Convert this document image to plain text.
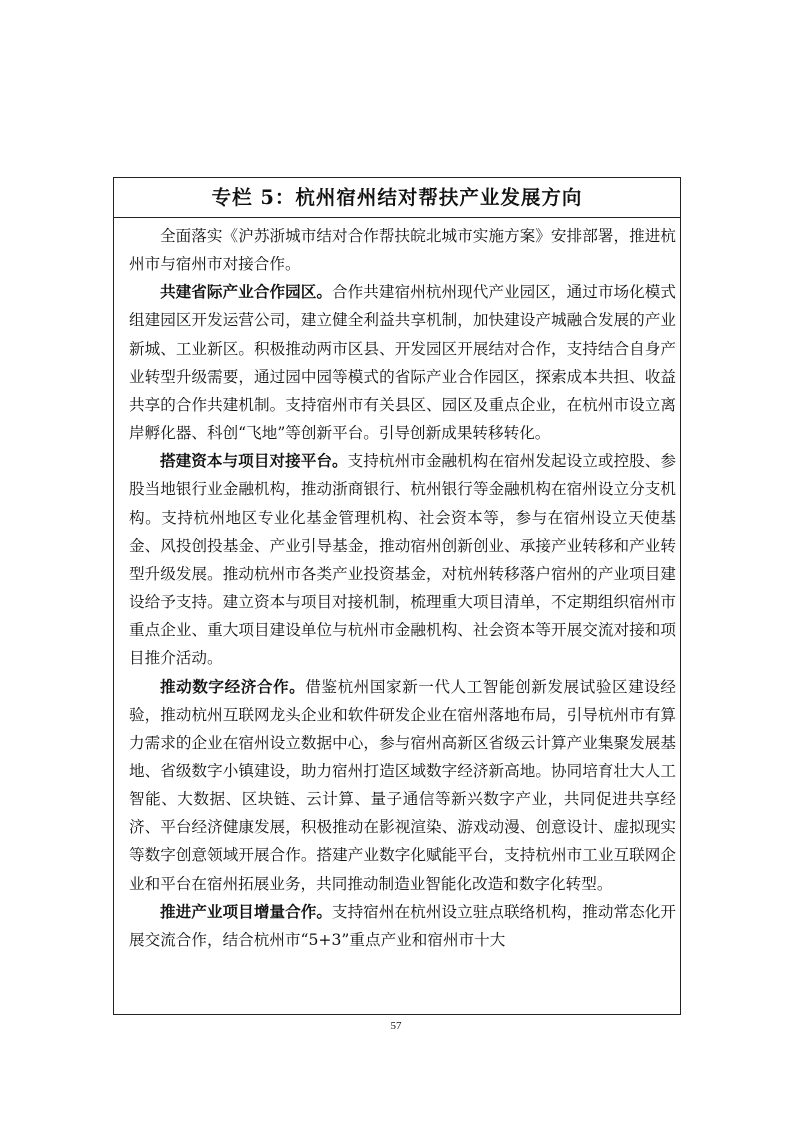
专栏 5：杭州宿州结对帮扶产业发展方向

全面落实《沪苏浙城市结对合作帮扶皖北城市实施方案》安排部署，推进杭州市与宿州市对接合作。

共建省际产业合作园区。合作共建宿州杭州现代产业园区，通过市场化模式组建园区开发运营公司，建立健全利益共享机制，加快建设产城融合发展的产业新城、工业新区。积极推动两市区县、开发园区开展结对合作，支持结合自身产业转型升级需要，通过园中园等模式的省际产业合作园区，探索成本共担、收益共享的合作共建机制。支持宿州市有关县区、园区及重点企业，在杭州市设立离岸孵化器、科创“飞地”等创新平台。引导创新成果转移转化。

搭建资本与项目对接平台。支持杭州市金融机构在宿州发起设立或控股、参股当地银行业金融机构，推动浙商银行、杭州银行等金融机构在宿州设立分支机构。支持杭州地区专业化基金管理机构、社会资本等，参与在宿州设立天使基金、风投创投基金、产业引导基金，推动宿州创新创业、承接产业转移和产业转型升级发展。推动杭州市各类产业投资基金，对杭州转移落户宿州的产业项目建设给予支持。建立资本与项目对接机制，梳理重大项目清单，不定期组织宿州市重点企业、重大项目建设单位与杭州市金融机构、社会资本等开展交流对接和项目推介活动。

推动数字经济合作。借鉴杭州国家新一代人工智能创新发展试验区建设经验，推动杭州互联网龙头企业和软件研发企业在宿州落地布局，引导杭州市有算力需求的企业在宿州设立数据中心，参与宿州高新区省级云计算产业集聚发展基地、省级数字小镇建设，助力宿州打造区域数字经济新高地。协同培育壮大人工智能、大数据、区块链、云计算、量子通信等新兴数字产业，共同促进共享经济、平台经济健康发展，积极推动在影视渲染、游戏动漫、创意设计、虚拟现实等数字创意领域开展合作。搭建产业数字化赋能平台，支持杭州市工业互联网企业和平台在宿州拓展业务，共同推动制造业智能化改造和数字化转型。

推进产业项目增量合作。支持宿州在杭州设立驻点联络机构，推动常态化开展交流合作，结合杭州市“5+3”重点产业和宿州市十大

57
